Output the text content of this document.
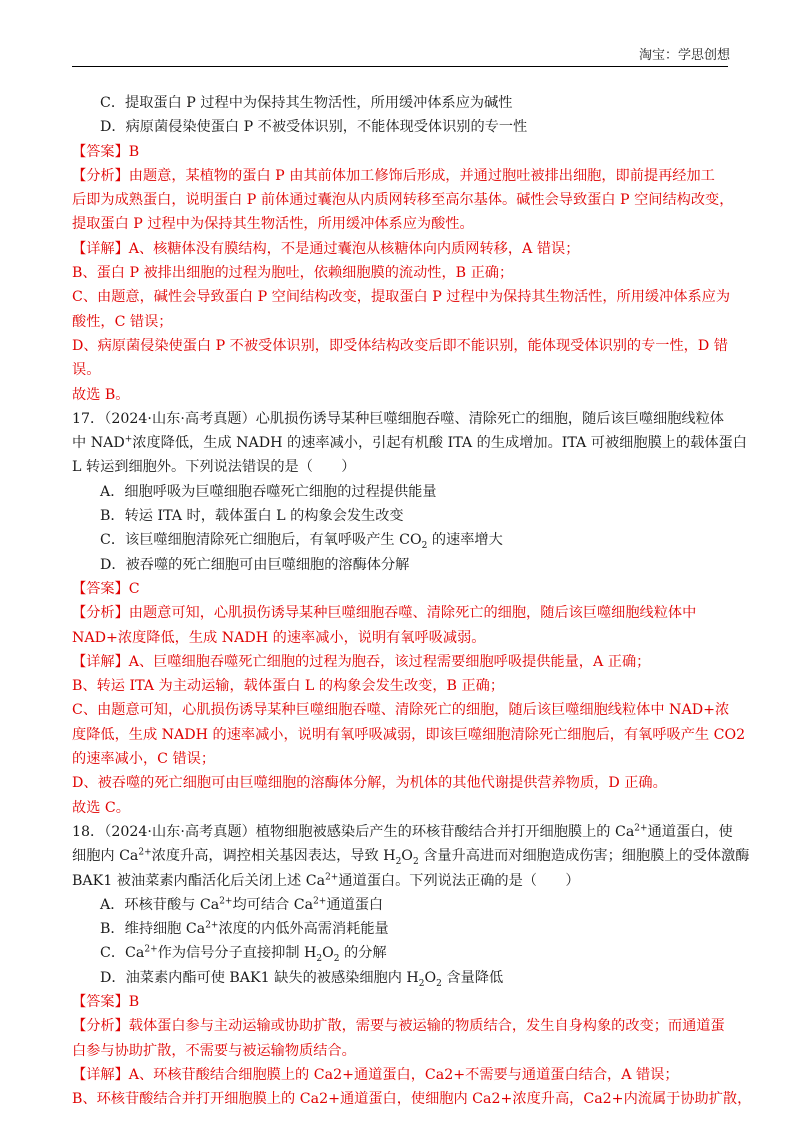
淘宝：学思创想
C．提取蛋白 P 过程中为保持其生物活性，所用缓冲体系应为碱性
D．病原菌侵染使蛋白 P 不被受体识别，不能体现受体识别的专一性
【答案】B
【分析】由题意，某植物的蛋白 P 由其前体加工修饰后形成，并通过胞吐被排出细胞，即前提再经加工
后即为成熟蛋白，说明蛋白 P 前体通过囊泡从内质网转移至高尔基体。碱性会导致蛋白 P 空间结构改变，
提取蛋白 P 过程中为保持其生物活性，所用缓冲体系应为酸性。
【详解】A、核糖体没有膜结构，不是通过囊泡从核糖体向内质网转移，A 错误；
B、蛋白 P 被排出细胞的过程为胞吐，依赖细胞膜的流动性，B 正确；
C、由题意，碱性会导致蛋白 P 空间结构改变，提取蛋白 P 过程中为保持其生物活性，所用缓冲体系应为
酸性，C 错误；
D、病原菌侵染使蛋白 P 不被受体识别，即受体结构改变后即不能识别，能体现受体识别的专一性，D 错
误。
故选 B。
17．（2024·山东·高考真题）心肌损伤诱导某种巨噬细胞吞噬、清除死亡的细胞，随后该巨噬细胞线粒体
中 NAD+浓度降低，生成 NADH 的速率减小，引起有机酸 ITA 的生成增加。ITA 可被细胞膜上的载体蛋白
L 转运到细胞外。下列说法错误的是（　　）
A．细胞呼吸为巨噬细胞吞噬死亡细胞的过程提供能量
B．转运 ITA 时，载体蛋白 L 的构象会发生改变
C．该巨噬细胞清除死亡细胞后，有氧呼吸产生 $CO_2$ 的速率增大
D．被吞噬的死亡细胞可由巨噬细胞的溶酶体分解
【答案】C
【分析】由题意可知，心肌损伤诱导某种巨噬细胞吞噬、清除死亡的细胞，随后该巨噬细胞线粒体中
NAD+浓度降低，生成 NADH 的速率减小，说明有氧呼吸减弱。
【详解】A、巨噬细胞吞噬死亡细胞的过程为胞吞，该过程需要细胞呼吸提供能量，A 正确；
B、转运 ITA 为主动运输，载体蛋白 L 的构象会发生改变，B 正确；
C、由题意可知，心肌损伤诱导某种巨噬细胞吞噬、清除死亡的细胞，随后该巨噬细胞线粒体中 NAD+浓
度降低，生成 NADH 的速率减小，说明有氧呼吸减弱，即该巨噬细胞清除死亡细胞后，有氧呼吸产生 CO2
的速率减小，C 错误；
D、被吞噬的死亡细胞可由巨噬细胞的溶酶体分解，为机体的其他代谢提供营养物质，D 正确。
故选 C。
18．（2024·山东·高考真题）植物细胞被感染后产生的环核苷酸结合并打开细胞膜上的 $Ca^{2+}$通道蛋白，使
细胞内 $Ca^{2+}$浓度升高，调控相关基因表达，导致 $H_2O_2$ 含量升高进而对细胞造成伤害；细胞膜上的受体激酶
BAK1 被油菜素内酯活化后关闭上述 $Ca^{2+}$通道蛋白。下列说法正确的是（　　）
A．环核苷酸与 $Ca^{2+}$均可结合 $Ca^{2+}$通道蛋白
B．维持细胞 $Ca^{2+}$浓度的内低外高需消耗能量
C．$Ca^{2+}$作为信号分子直接抑制 $H_2O_2$ 的分解
D．油菜素内酯可使 BAK1 缺失的被感染细胞内 $H_2O_2$ 含量降低
【答案】B
【分析】载体蛋白参与主动运输或协助扩散，需要与被运输的物质结合，发生自身构象的改变；而通道蛋
白参与协助扩散，不需要与被运输物质结合。
【详解】A、环核苷酸结合细胞膜上的 Ca2+通道蛋白，Ca2+不需要与通道蛋白结合，A 错误；
B、环核苷酸结合并打开细胞膜上的 Ca2+通道蛋白，使细胞内 Ca2+浓度升高，Ca2+内流属于协助扩散，
